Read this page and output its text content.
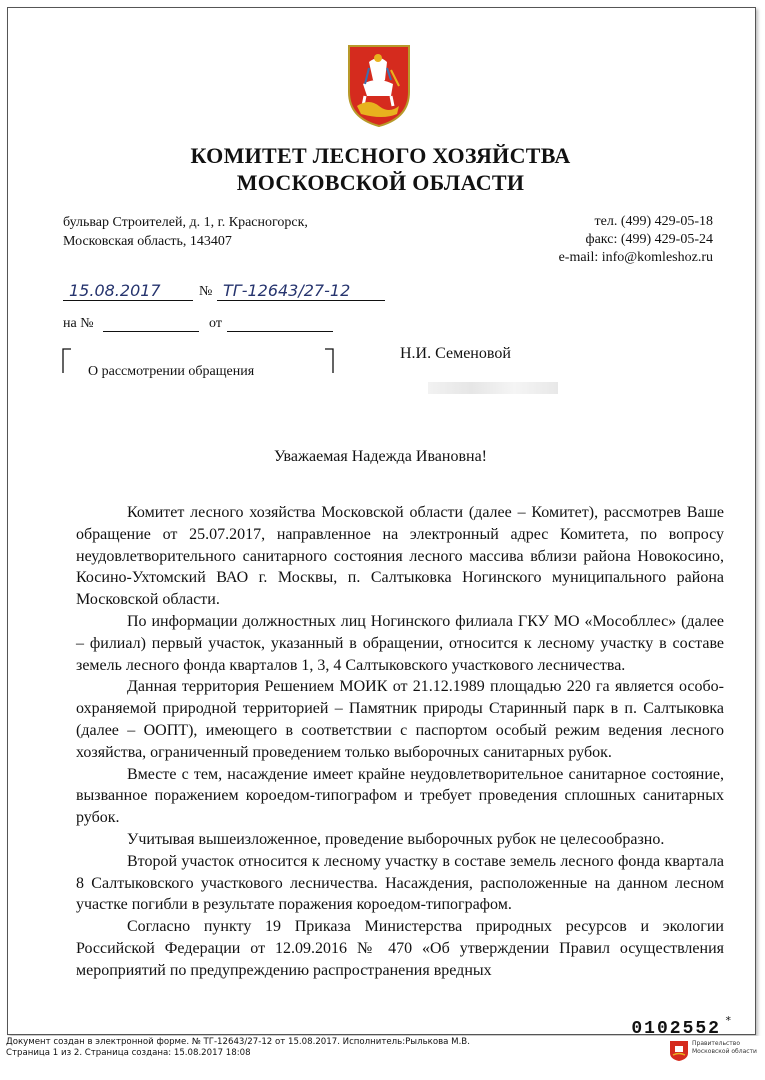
КОМИТЕТ ЛЕСНОГО ХОЗЯЙСТВА
МОСКОВСКОЙ ОБЛАСТИ
бульвар Строителей, д. 1, г. Красногорск,
Московская область, 143407
тел. (499) 429-05-18
факс: (499) 429-05-24
e-mail: info@komleshoz.ru
15.08.2017	№ ТГ-12643/27-12
на №	от
О рассмотрении обращения
Н.И. Семеновой
Уважаемая Надежда Ивановна!

Комитет лесного хозяйства Московской области (далее – Комитет), рассмотрев Ваше обращение от 25.07.2017, направленное на электронный адрес Комитета, по вопросу неудовлетворительного санитарного состояния лесного массива вблизи района Новокосино, Косино-Ухтомский ВАО г. Москвы, п. Салтыковка Ногинского муниципального района Московской области.

По информации должностных лиц Ногинского филиала ГКУ МО «Мособллес» (далее – филиал) первый участок, указанный в обращении, относится к лесному участку в составе земель лесного фонда кварталов 1, 3, 4 Салтыковского участкового лесничества.

Данная территория Решением МОИК от 21.12.1989 площадью 220 га является особо-охраняемой природной территорией – Памятник природы Старинный парк в п. Салтыковка (далее – ООПТ), имеющего в соответствии с паспортом особый режим ведения лесного хозяйства, ограниченный проведением только выборочных санитарных рубок.

Вместе с тем, насаждение имеет крайне неудовлетворительное санитарное состояние, вызванное поражением короедом-типографом и требует проведения сплошных санитарных рубок.

Учитывая вышеизложенное, проведение выборочных рубок не целесообразно.

Второй участок относится к лесному участку в составе земель лесного фонда квартала 8 Салтыковского участкового лесничества. Насаждения, расположенные на данном лесном участке погибли в результате поражения короедом-типографом.

Согласно пункту 19 Приказа Министерства природных ресурсов и экологии Российской Федерации от 12.09.2016 № 470 «Об утверждении Правил осуществления мероприятий по предупреждению распространения вредных

0102552 *
Документ создан в электронной форме. № ТГ-12643/27-12 от 15.08.2017. Исполнитель:Рылькова М.В.
Страница 1 из 2. Страница создана: 15.08.2017 18:08
Правительство
Московской области
